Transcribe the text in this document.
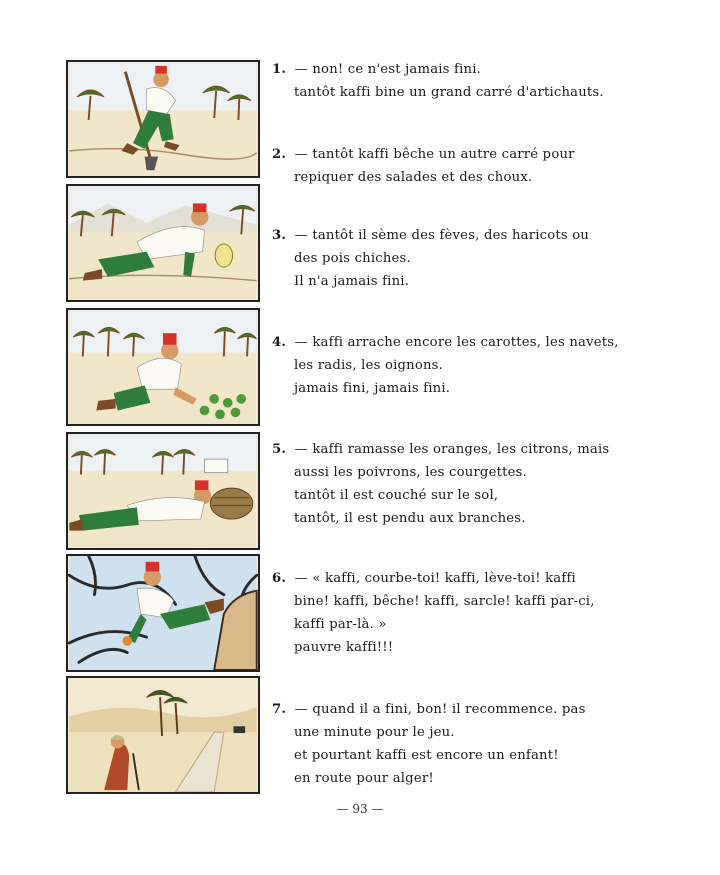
1. — non! ce n'est jamais fini.
tantôt kaffi bine un grand carré d'artichauts.
2. — tantôt kaffi bêche un autre carré pour
repiquer des salades et des choux.
3. — tantôt il sème des fèves, des haricots ou
des pois chiches.
Il n'a jamais fini.
4. — kaffi arrache encore les carottes, les navets,
les radis, les oignons.
jamais fini, jamais fini.
5. — kaffi ramasse les oranges, les citrons, mais
aussi les poivrons, les courgettes.
tantôt il est couché sur le sol,
tantôt, il est pendu aux branches.
6. — « kaffi, courbe-toi! kaffi, lève-toi! kaffi
bine! kaffi, bêche! kaffi, sarcle! kaffi par-ci,
kaffi par-là. »
pauvre kaffi!!!
7. — quand il a fini, bon! il recommence. pas
une minute pour le jeu.
et pourtant kaffi est encore un enfant!
en route pour alger!
— 93 —
